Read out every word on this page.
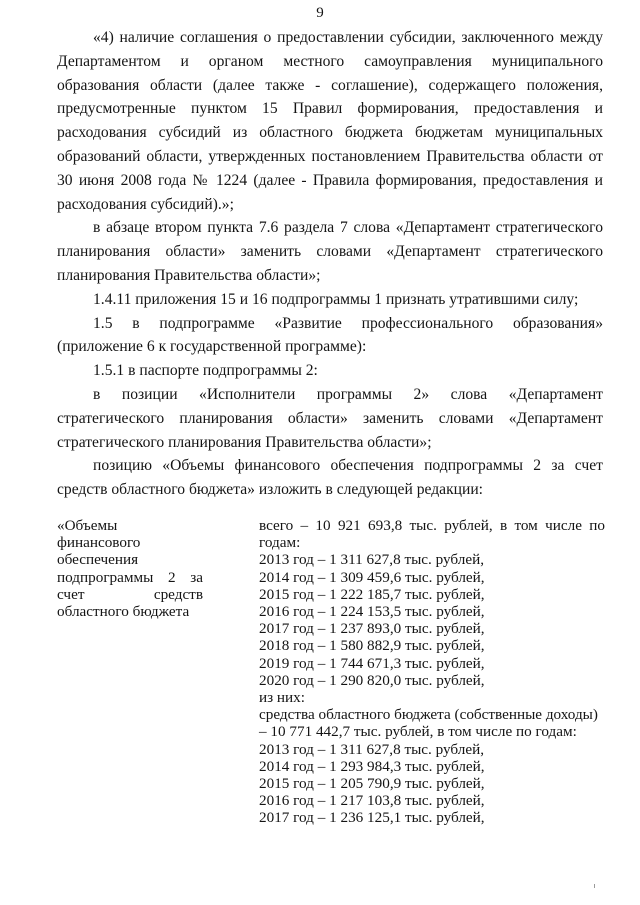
9

«4) наличие соглашения о предоставлении субсидии, заключенного между Департаментом и органом местного самоуправления муниципального образования области (далее также - соглашение), содержащего положения, предусмотренные пунктом 15 Правил формирования, предоставления и расходования субсидий из областного бюджета бюджетам муниципальных образований области, утвержденных постановлением Правительства области от 30 июня 2008 года № 1224 (далее - Правила формирования, предоставления и расходования субсидий).»;

в абзаце втором пункта 7.6 раздела 7 слова «Департамент стратегического планирования области» заменить словами «Департамент стратегического планирования Правительства области»;

1.4.11 приложения 15 и 16 подпрограммы 1 признать утратившими силу;

1.5 в подпрограмме «Развитие профессионального образования» (приложение 6 к государственной программе):

1.5.1 в паспорте подпрограммы 2:

в позиции «Исполнители программы 2» слова «Департамент стратегического планирования области» заменить словами «Департамент стратегического планирования Правительства области»;

позицию «Объемы финансового обеспечения подпрограммы 2 за счет средств областного бюджета» изложить в следующей редакции:

«Объемы
финансового
обеспечения
подпрограммы 2 за
счет средств
областного бюджета
всего – 10 921 693,8 тыс. рублей, в том числе по
годам:
2013 год – 1 311 627,8 тыс. рублей,
2014 год – 1 309 459,6 тыс. рублей,
2015 год – 1 222 185,7 тыс. рублей,
2016 год – 1 224 153,5 тыс. рублей,
2017 год – 1 237 893,0 тыс. рублей,
2018 год – 1 580 882,9 тыс. рублей,
2019 год – 1 744 671,3 тыс. рублей,
2020 год – 1 290 820,0 тыс. рублей,
из них:
средства областного бюджета (собственные доходы)
– 10 771 442,7 тыс. рублей, в том числе по годам:
2013 год – 1 311 627,8 тыс. рублей,
2014 год – 1 293 984,3 тыс. рублей,
2015 год – 1 205 790,9 тыс. рублей,
2016 год – 1 217 103,8 тыс. рублей,
2017 год – 1 236 125,1 тыс. рублей,
